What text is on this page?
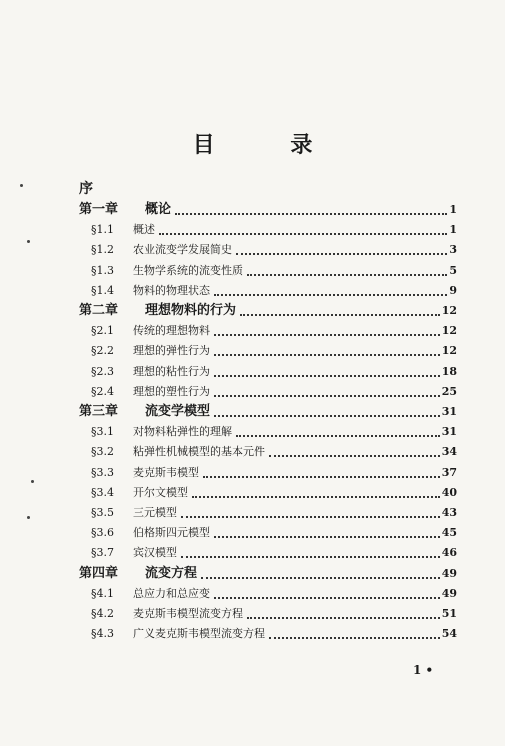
目 录
序
第一章	概论	1
§1.1	概述	1
§1.2	农业流变学发展简史	3
§1.3	生物学系统的流变性质	5
§1.4	物料的物理状态	9
第二章	理想物料的行为	12
§2.1	传统的理想物料	12
§2.2	理想的弹性行为	12
§2.3	理想的粘性行为	18
§2.4	理想的塑性行为	25
第三章	流变学模型	31
§3.1	对物料粘弹性的理解	31
§3.2	粘弹性机械模型的基本元件	34
§3.3	麦克斯韦模型	37
§3.4	开尔文模型	40
§3.5	三元模型	43
§3.6	伯格斯四元模型	45
§3.7	宾汉模型	46
第四章	流变方程	49
§4.1	总应力和总应变	49
§4.2	麦克斯韦模型流变方程	51
§4.3	广义麦克斯韦模型流变方程	54
1 •
